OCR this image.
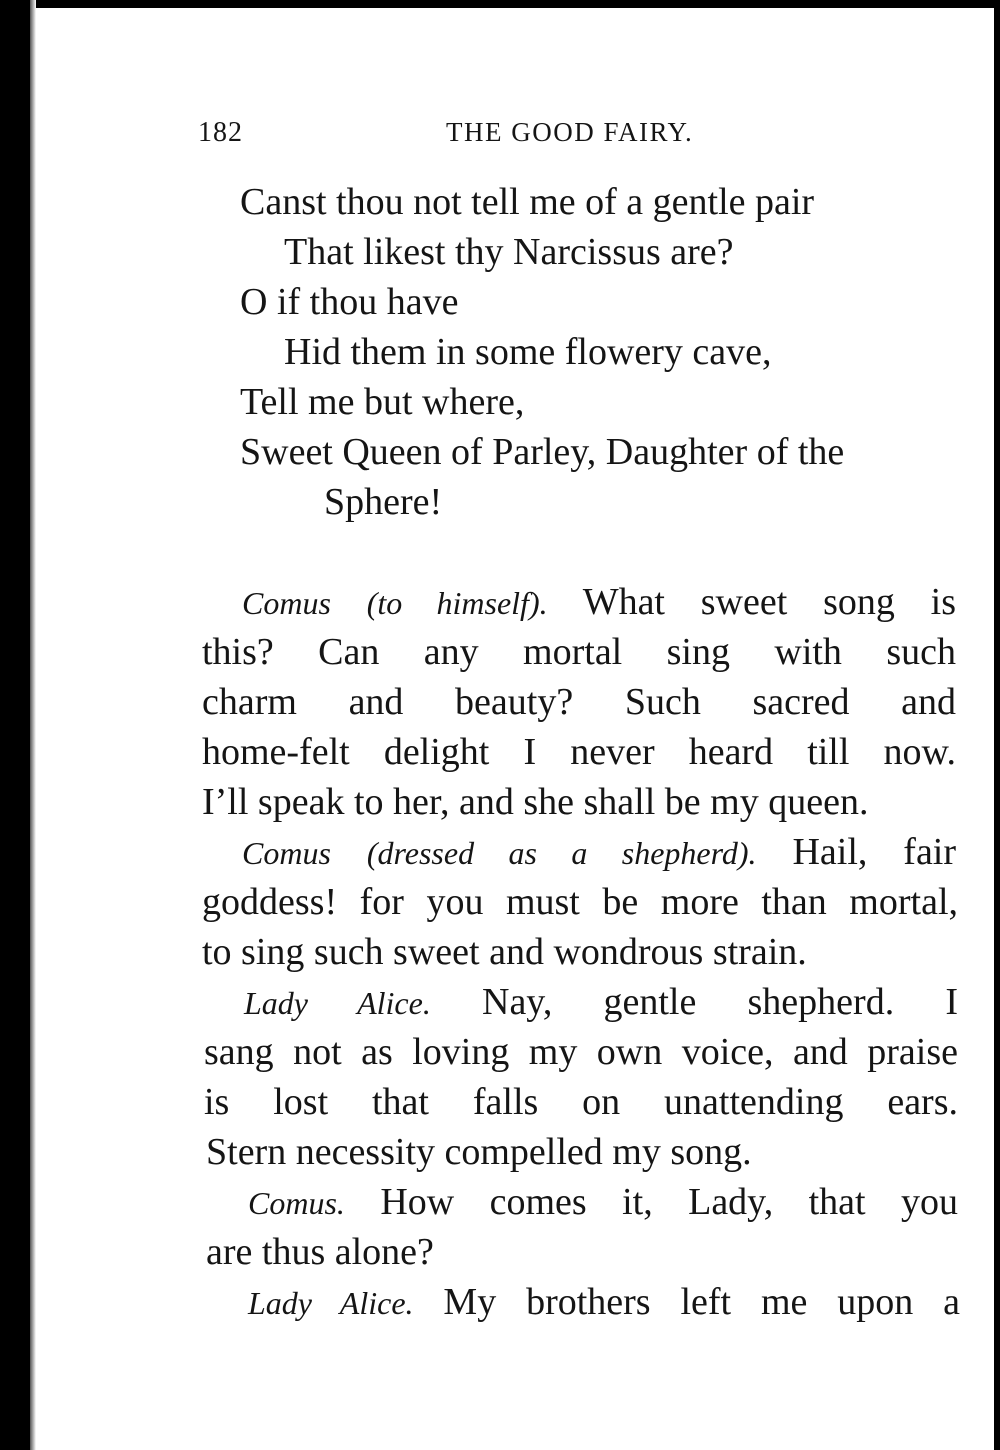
182	THE GOOD FAIRY.
Canst thou not tell me of a gentle pair
That likest thy Narcissus are?
O if thou have
Hid them in some flowery cave,
Tell me but where,
Sweet Queen of Parley, Daughter of the
Sphere!
Comus (to himself). What sweet song is
this? Can any mortal sing with such
charm and beauty? Such sacred and
home-felt delight I never heard till now.
I’ll speak to her, and she shall be my queen.
Comus (dressed as a shepherd). Hail, fair
goddess! for you must be more than mortal,
to sing such sweet and wondrous strain.
Lady Alice. Nay, gentle shepherd. I
sang not as loving my own voice, and praise
is lost that falls on unattending ears.
Stern necessity compelled my song.
Comus. How comes it, Lady, that you
are thus alone?
Lady Alice. My brothers left me upon a
